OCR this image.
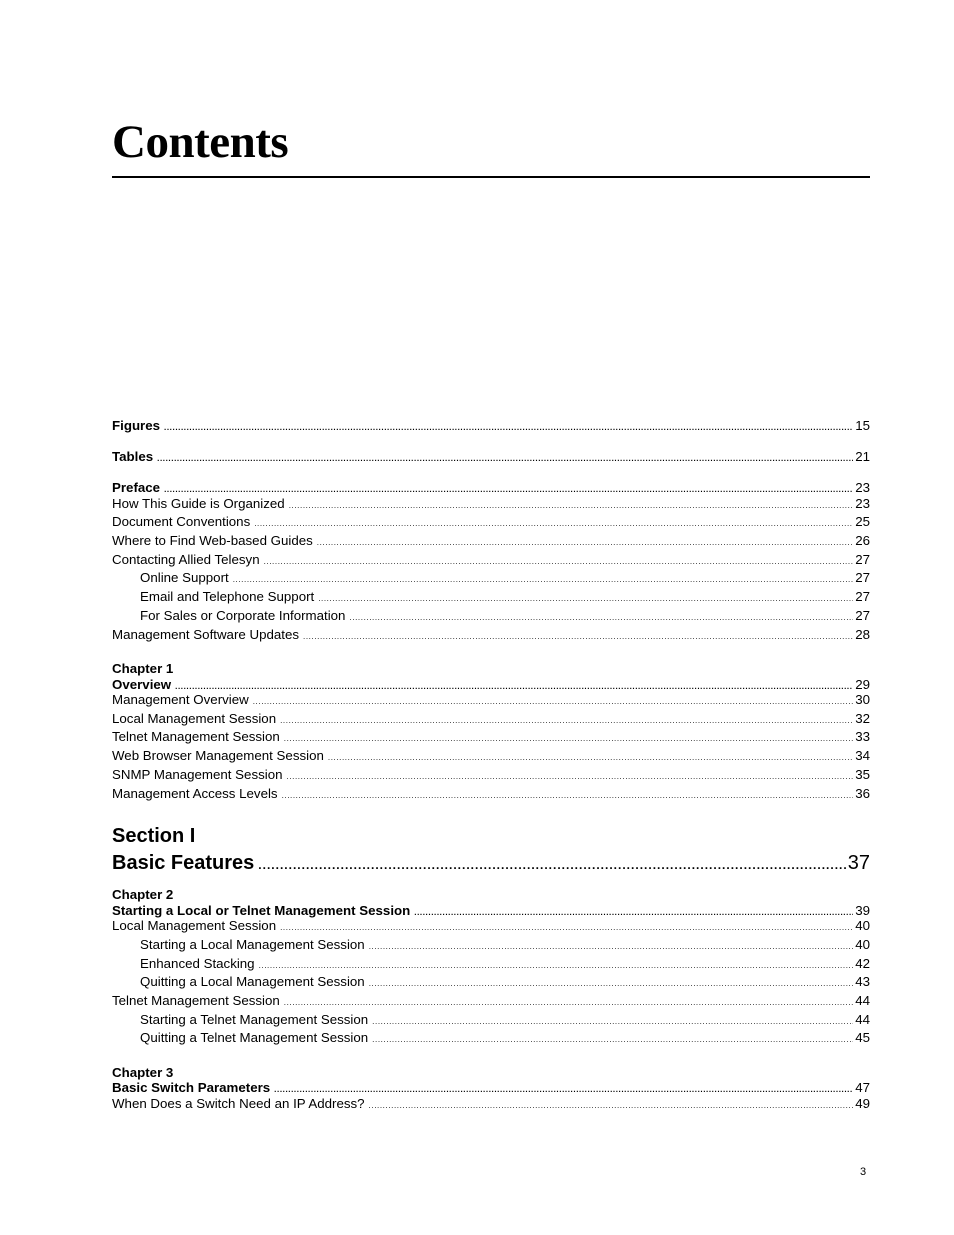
Contents
Figures .....	15
Tables .....	21
Preface .....	23
How This Guide is Organized .....	23
Document Conventions .....	25
Where to Find Web-based Guides .....	26
Contacting Allied Telesyn .....	27
Online Support .....	27
Email and Telephone Support .....	27
For Sales or Corporate Information .....	27
Management Software Updates .....	28
Chapter 1
Overview .....	29
Management Overview .....	30
Local Management Session .....	32
Telnet Management Session .....	33
Web Browser Management Session .....	34
SNMP Management Session .....	35
Management Access Levels .....	36
Section I
Basic Features .....	37
Chapter 2
Starting a Local or Telnet Management Session .....	39
Local Management Session .....	40
Starting a Local Management Session .....	40
Enhanced Stacking .....	42
Quitting a Local Management Session .....	43
Telnet Management Session .....	44
Starting a Telnet Management Session .....	44
Quitting a Telnet Management Session .....	45
Chapter 3
Basic Switch Parameters .....	47
When Does a Switch Need an IP Address? .....	49
3
